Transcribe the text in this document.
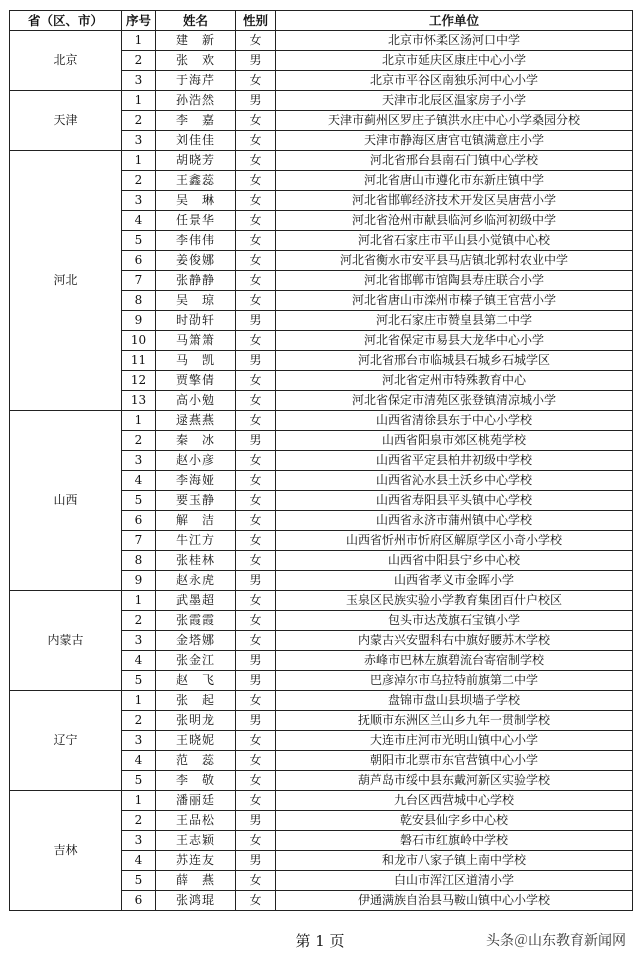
省（区、市）	序号	姓名	性别	工作单位
北京	1	建　新	女	北京市怀柔区汤河口中学
	2	张　欢	男	北京市延庆区康庄中心小学
	3	于海芹	女	北京市平谷区南独乐河中心小学
天津	1	孙浩然	男	天津市北辰区温家房子小学
	2	李　嘉	女	天津市蓟州区罗庄子镇洪水庄中心小学桑园分校
	3	刘佳佳	女	天津市静海区唐官屯镇满意庄小学
河北	1	胡晓芳	女	河北省邢台县南石门镇中心学校
	2	王鑫蕊	女	河北省唐山市遵化市东新庄镇中学
	3	吴　琳	女	河北省邯郸经济技术开发区吴唐营小学
	4	任景华	女	河北省沧州市献县临河乡临河初级中学
	5	李伟伟	女	河北省石家庄市平山县小觉镇中心校
	6	姜俊娜	女	河北省衡水市安平县马店镇北郭村农业中学
	7	张静静	女	河北省邯郸市馆陶县寿庄联合小学
	8	吴　琼	女	河北省唐山市滦州市榛子镇王官营小学
	9	时劭轩	男	河北石家庄市赞皇县第二中学
	10	马箫箫	女	河北省保定市易县大龙华中心小学
	11	马　凯	男	河北省邢台市临城县石城乡石城学区
	12	贾擎倩	女	河北省定州市特殊教育中心
	13	高小勉	女	河北省保定市清苑区张登镇清凉城小学
山西	1	逯燕燕	女	山西省清徐县东于中心小学校
	2	秦　冰	男	山西省阳泉市郊区桃苑学校
	3	赵小彦	女	山西省平定县柏井初级中学校
	4	李海娅	女	山西省沁水县土沃乡中心学校
	5	要玉静	女	山西省寿阳县平头镇中心学校
	6	解　洁	女	山西省永济市蒲州镇中心学校
	7	牛江方	女	山西省忻州市忻府区解原学区小奇小学校
	8	张桂林	女	山西省中阳县宁乡中心校
	9	赵永虎	男	山西省孝义市金晖小学
内蒙古	1	武墨超	女	玉泉区民族实验小学教育集团百什户校区
	2	张霞霞	女	包头市达茂旗石宝镇小学
	3	金塔娜	女	内蒙古兴安盟科右中旗好腰苏木学校
	4	张金江	男	赤峰市巴林左旗碧流台寄宿制学校
	5	赵　飞	男	巴彦淖尔市乌拉特前旗第二中学
辽宁	1	张　起	女	盘锦市盘山县坝墙子学校
	2	张明龙	男	抚顺市东洲区兰山乡九年一贯制学校
	3	王晓妮	女	大连市庄河市光明山镇中心小学
	4	范　蕊	女	朝阳市北票市东官营镇中心小学
	5	李　敬	女	葫芦岛市绥中县东戴河新区实验学校
吉林	1	潘丽廷	女	九台区西营城中心学校
	2	王品松	男	乾安县仙字乡中心校
	3	王志颖	女	磐石市红旗岭中学校
	4	苏连友	男	和龙市八家子镇上南中学校
	5	薛　燕	女	白山市浑江区道清小学
	6	张鸿琨	女	伊通满族自治县马鞍山镇中心小学校
第 1 页	头条＠山东教育新闻网
